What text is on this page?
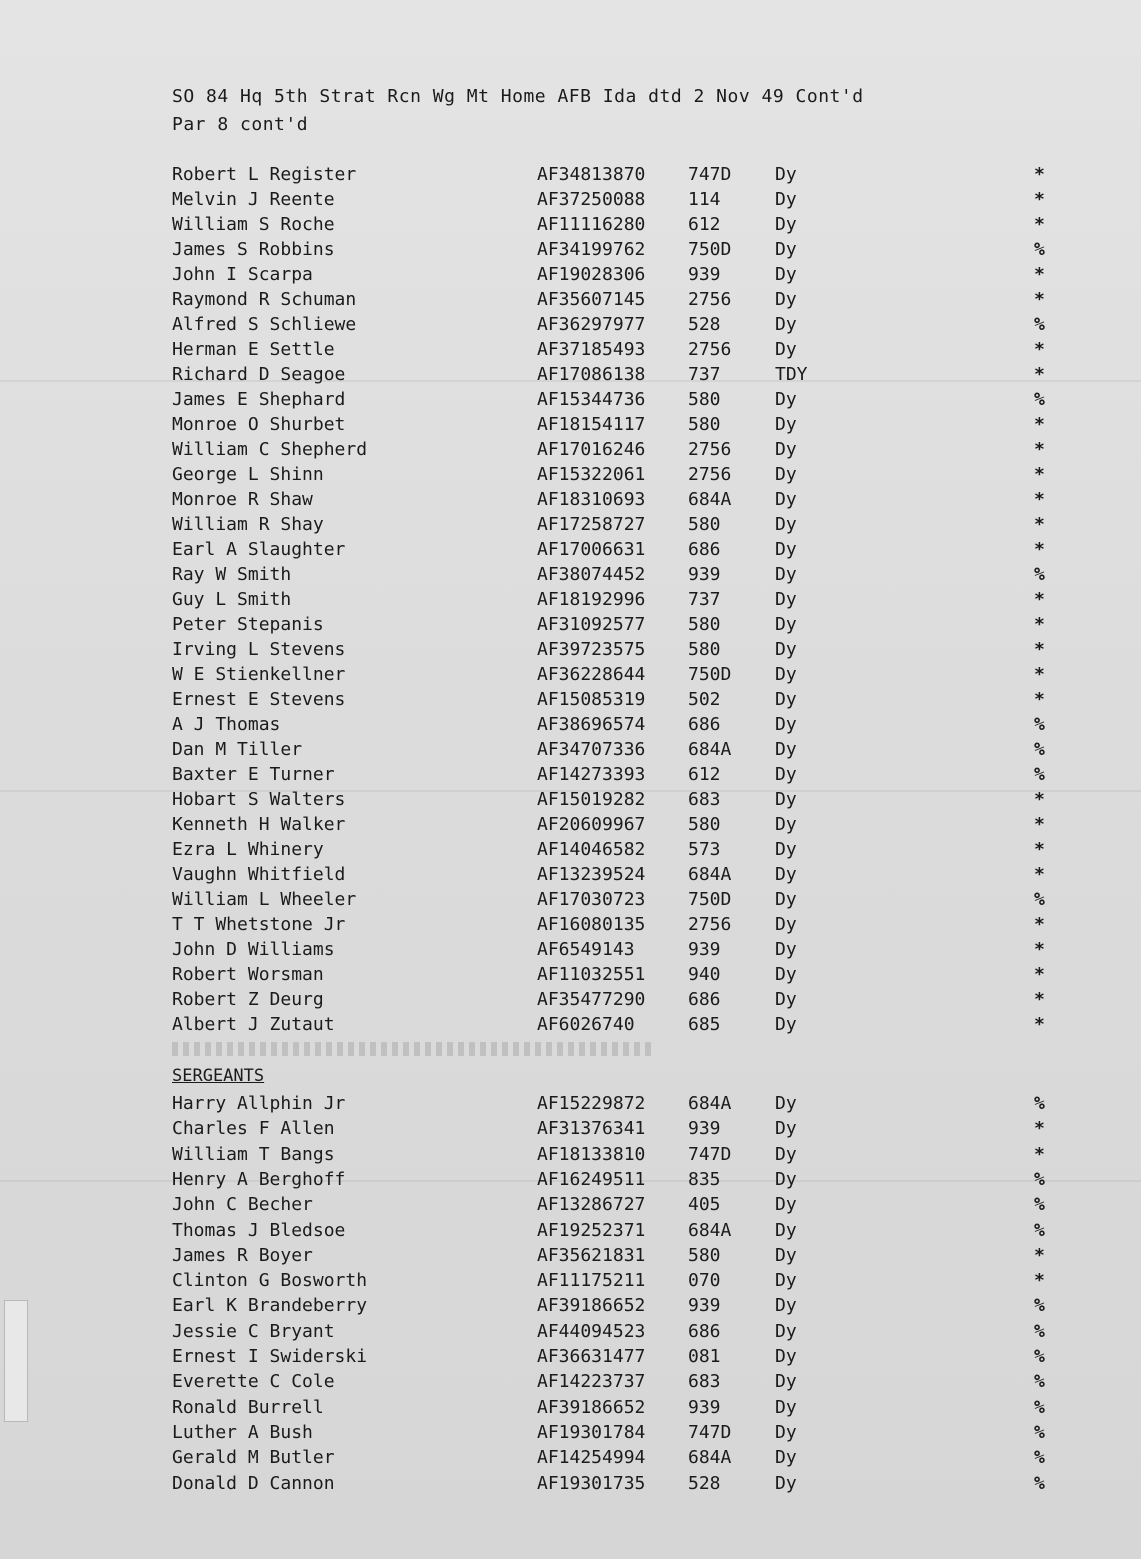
SO 84 Hq 5th Strat Rcn Wg Mt Home AFB Ida dtd 2 Nov 49 Cont'd
Par 8 cont'd
Robert L Register	AF34813870 747D Dy	*
Melvin J Reente	AF37250088 114	Dy	*
William S Roche	AF11116280 612	Dy	*
James S Robbins	AF34199762 750D Dy	%
John I Scarpa	AF19028306 939	Dy	*
Raymond R Schuman	AF35607145 2756 Dy	*
Alfred S Schliewe	AF36297977 528	Dy	%
Herman E Settle	AF37185493 2756 Dy	*
Richard D Seagoe	AF17086138 737	TDY	*
James E Shephard	AF15344736 580	Dy	%
Monroe O Shurbet	AF18154117 580	Dy	*
William C Shepherd	AF17016246 2756 Dy	*
George L Shinn	AF15322061 2756 Dy	*
Monroe R Shaw	AF18310693 684A Dy	*
William R Shay	AF17258727 580	Dy	*
Earl A Slaughter	AF17006631 686	Dy	*
Ray W Smith	AF38074452 939	Dy	%
Guy L Smith	AF18192996 737	Dy	*
Peter Stepanis	AF31092577 580	Dy	*
Irving L Stevens	AF39723575 580	Dy	*
W E Stienkellner	AF36228644 750D Dy	*
Ernest E Stevens	AF15085319 502	Dy	*
A J Thomas	AF38696574 686	Dy	%
Dan M Tiller	AF34707336 684A Dy	%
Baxter E Turner	AF14273393 612	Dy	%
Hobart S Walters	AF15019282 683	Dy	*
Kenneth H Walker	AF20609967 580	Dy	*
Ezra L Whinery	AF14046582 573	Dy	*
Vaughn Whitfield	AF13239524 684A Dy	*
William L Wheeler	AF17030723 750D Dy	%
T T Whetstone Jr	AF16080135 2756 Dy	*
John D Williams	AF6549143	939	Dy	*
Robert Worsman	AF11032551 940	Dy	*
Robert Z Deurg	AF35477290 686	Dy	*
Albert J Zutaut	AF6026740	685	Dy	*
SERGEANTS
Harry Allphin Jr	AF15229872 684A Dy	%
Charles F Allen	AF31376341 939	Dy	*
William T Bangs	AF18133810 747D Dy	*
Henry A Berghoff	AF16249511 835	Dy	%
John C Becher	AF13286727 405	Dy	%
Thomas J Bledsoe	AF19252371 684A Dy	%
James R Boyer	AF35621831 580	Dy	*
Clinton G Bosworth	AF11175211 070	Dy	*
Earl K Brandeberry	AF39186652 939	Dy	%
Jessie C Bryant	AF44094523 686	Dy	%
Ernest I Swiderski	AF36631477 081	Dy	%
Everette C Cole	AF14223737 683	Dy	%
Ronald Burrell	AF39186652 939	Dy	%
Luther A Bush	AF19301784 747D Dy	%
Gerald M Butler	AF14254994 684A Dy	%
Donald D Cannon	AF19301735 528	Dy	%
